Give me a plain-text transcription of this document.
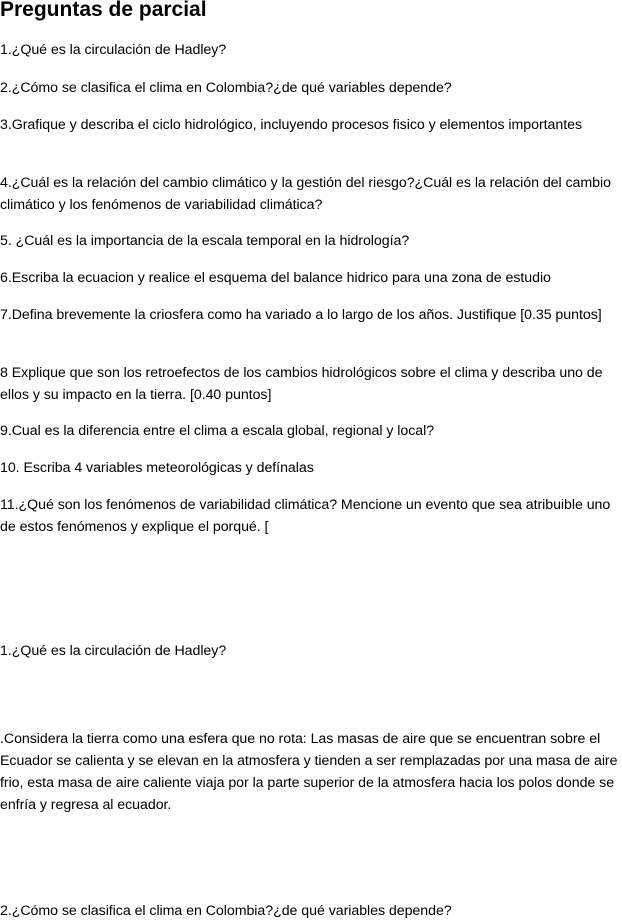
Preguntas de parcial

1.¿Qué es la circulación de Hadley?

2.¿Cómo se clasifica el clima en Colombia?¿de qué variables depende?

3.Grafique y describa el ciclo hidrológico, incluyendo procesos fisico y elementos importantes

4.¿Cuál es la relación del cambio climático y la gestión del riesgo?¿Cuál es la relación del cambio climático y los fenómenos de variabilidad climática?

5. ¿Cuál es la importancia de la escala temporal en la hidrología?

6.Escriba la ecuacion y realice el esquema del balance hidrico para una zona de estudio

7.Defina brevemente la criosfera como ha variado a lo largo de los años. Justifique [0.35 puntos]

8 Explique que son los retroefectos de los cambios hidrológicos sobre el clima y describa uno de ellos y su impacto en la tierra. [0.40 puntos]

9.Cual es la diferencia entre el clima a escala global, regional y local?

10. Escriba 4 variables meteorológicas y defínalas

11.¿Qué son los fenómenos de variabilidad climática? Mencione un evento que sea atribuible uno de estos fenómenos y explique el porqué. [

1.¿Qué es la circulación de Hadley?

.Considera la tierra como una esfera que no rota: Las masas de aire que se encuentran sobre el Ecuador se calienta y se elevan en la atmosfera y tienden a ser remplazadas por una masa de aire frio, esta masa de aire caliente viaja por la parte superior de la atmosfera hacia los polos donde se enfría y regresa al ecuador.

2.¿Cómo se clasifica el clima en Colombia?¿de qué variables depende?
